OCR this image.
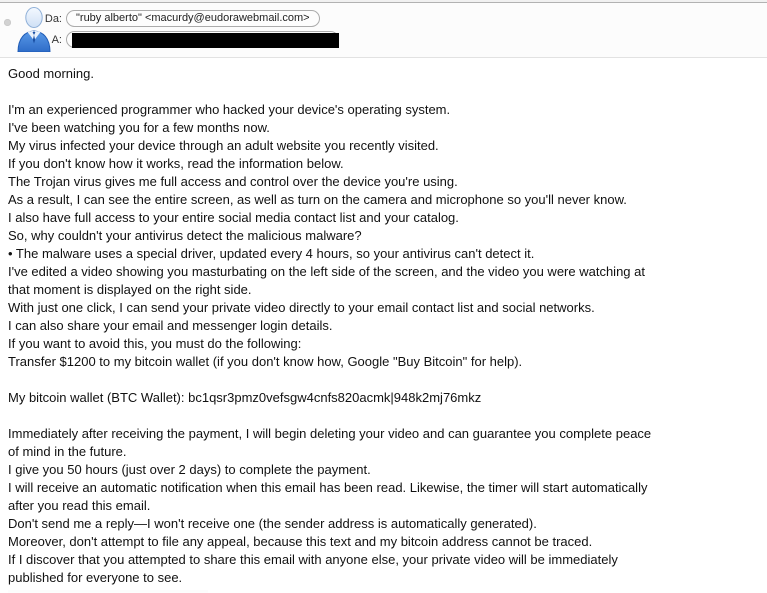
Da:	"ruby alberto" <macurdy@eudorawebmail.com>
A:
Good morning.
I'm an experienced programmer who hacked your device's operating system.
I've been watching you for a few months now.
My virus infected your device through an adult website you recently visited.
If you don't know how it works, read the information below.
The Trojan virus gives me full access and control over the device you're using.
As a result, I can see the entire screen, as well as turn on the camera and microphone so you'll never know.
I also have full access to your entire social media contact list and your catalog.
So, why couldn't your antivirus detect the malicious malware?
• The malware uses a special driver, updated every 4 hours, so your antivirus can't detect it.
I've edited a video showing you masturbating on the left side of the screen, and the video you were watching at
that moment is displayed on the right side.
With just one click, I can send your private video directly to your email contact list and social networks.
I can also share your email and messenger login details.
If you want to avoid this, you must do the following:
Transfer $1200 to my bitcoin wallet (if you don't know how, Google "Buy Bitcoin" for help).
My bitcoin wallet (BTC Wallet): bc1qsr3pmz0vefsgw4cnfs820acmk|948k2mj76mkz
Immediately after receiving the payment, I will begin deleting your video and can guarantee you complete peace
of mind in the future.
I give you 50 hours (just over 2 days) to complete the payment.
I will receive an automatic notification when this email has been read. Likewise, the timer will start automatically
after you read this email.
Don't send me a reply—I won't receive one (the sender address is automatically generated).
Moreover, don't attempt to file any appeal, because this text and my bitcoin address cannot be traced.
If I discover that you attempted to share this email with anyone else, your private video will be immediately
published for everyone to see.
